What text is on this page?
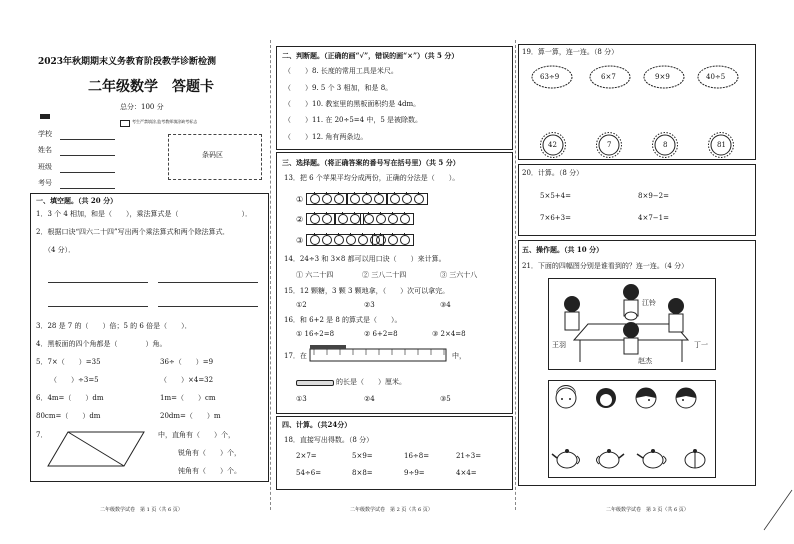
2023年秋期期末义务教育阶段教学诊断检测
二年级数学　答题卡
总分：100 分
考生严禁填涂,监考教师填涂缺考标志
学校
姓名
班级
考号
条码区
一、填空题。（共 20 分）
1．3 个 4 相加，和是（　　），乘法算式是（　　　　　　　　　）．
2．根据口诀“四六二十四”写出两个乘法算式和两个除法算式．
（4 分）．
3．28 是 7 的（　　）倍；5 的 6 倍是（　　）．
4．黑板面的四个角都是（　　　　）角。
5．7×（　　）=35	36÷（　　）=9
（　　）÷3=5	（　　）×4=32
6．4m=（　　）dm	1m=（　　）cm
80cm=（　　）dm	20dm=（　　）m
7．	中，直角有（　　）个，
锐角有（　　）个，
钝角有（　　）个。
二年级数学试卷　第 1 页（共 6 页）
二、判断题。（正确的画“√”，错误的画“×”）（共 5 分）
（　　）8. 长度的常用工具是米尺。
（　　）9. 5 个 3 相加，和是 8。
（　　）10. 教室里的黑板面积约是 4dm。
（　　）11. 在 20÷5=4 中，5 是被除数。
（　　）12. 角有两条边。
三、选择题。（将正确答案的番号写在括号里）（共 5 分）
13．把 6 个苹果平均分成两份，正确的分法是（　　）。
①
②
③
14．24÷3 和 3×8 都可以用口诀（　　）来计算。
① 六二十四	② 三八二十四	③ 三六十八
15．12 颗糖，3 颗 3 颗地拿，（　　）次可以拿完。
①2	②3	③4
16．和 6+2 是 8 的算式是（　　）。
① 16÷2=8	② 6+2=8	③ 2×4=8
17．在	中，
的长是（　　）厘米。
①3	②4	③5
四、计算。（共24分）
18．直接写出得数。（8 分）
2×7=	5×9=	16÷8=	21÷3=
54÷6=	8×8=	9÷9=	4×4=
二年级数学试卷　第 2 页（共 6 页）
19．算一算，连一连。（8 分）
63÷9	6×7	9×9	40÷5
42	7	8	81
20．计算。（8 分）
5×5+4=	8×9−2=
7×6+3=	4×7−1=
五、操作题。（共 10 分）
21．下面的四幅图分别是谁看到的？连一连。（4 分）
江铃
王羽	丁一
赵杰
二年级数学试卷　第 3 页（共 6 页）
